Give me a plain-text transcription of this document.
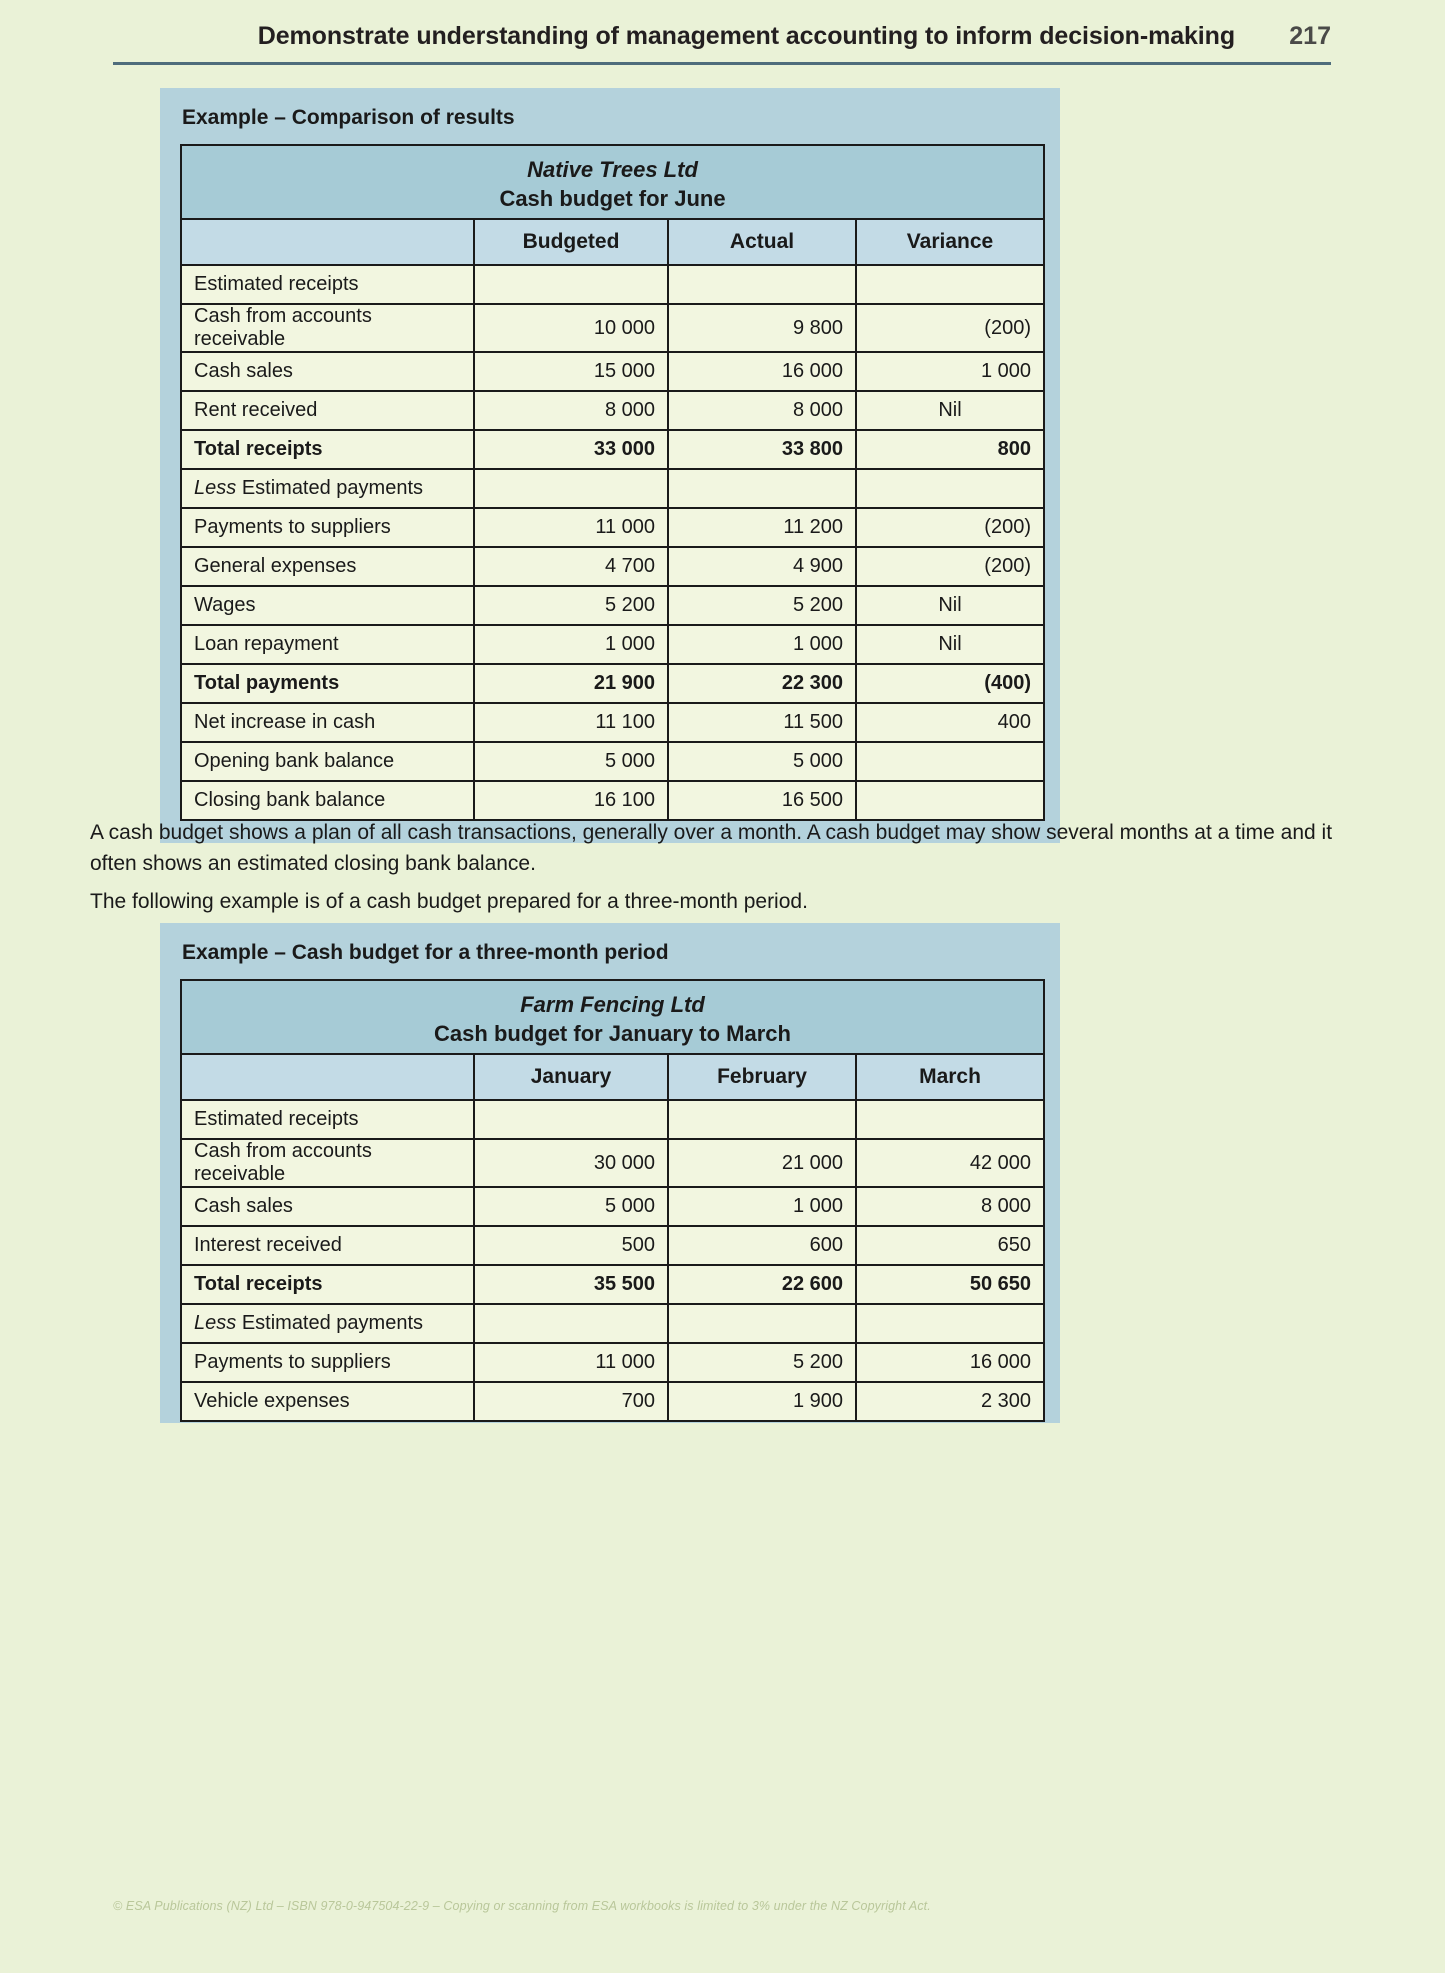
Demonstrate understanding of management accounting to inform decision-making 217
Example – Comparison of results
Native Trees Ltd
Cash budget for June			

	Budgeted	Actual	Variance
Estimated receipts			
Cash from accounts receivable	10 000	9 800	(200)
Cash sales	15 000	16 000	1 000
Rent received	8 000	8 000	Nil
Total receipts	33 000	33 800	800
Less Estimated payments			
Payments to suppliers	11 000	11 200	(200)
General expenses	4 700	4 900	(200)
Wages	5 200	5 200	Nil
Loan repayment	1 000	1 000	Nil
Total payments	21 900	22 300	(400)
Net increase in cash	11 100	11 500	400
Opening bank balance	5 000	5 000	
Closing bank balance	16 100	16 500	
A cash budget shows a plan of all cash transactions, generally over a month. A cash budget may show several months at a time and it often shows an estimated closing bank balance.
The following example is of a cash budget prepared for a three-month period.
Example – Cash budget for a three-month period
Farm Fencing Ltd
Cash budget for January to March			

	January	February	March
Estimated receipts			
Cash from accounts receivable	30 000	21 000	42 000
Cash sales	5 000	1 000	8 000
Interest received	500	600	650
Total receipts	35 500	22 600	50 650
Less Estimated payments			
Payments to suppliers	11 000	5 200	16 000
Vehicle expenses	700	1 900	2 300
© ESA Publications (NZ) Ltd – ISBN 978-0-947504-22-9 – Copying or scanning from ESA workbooks is limited to 3% under the NZ Copyright Act.
